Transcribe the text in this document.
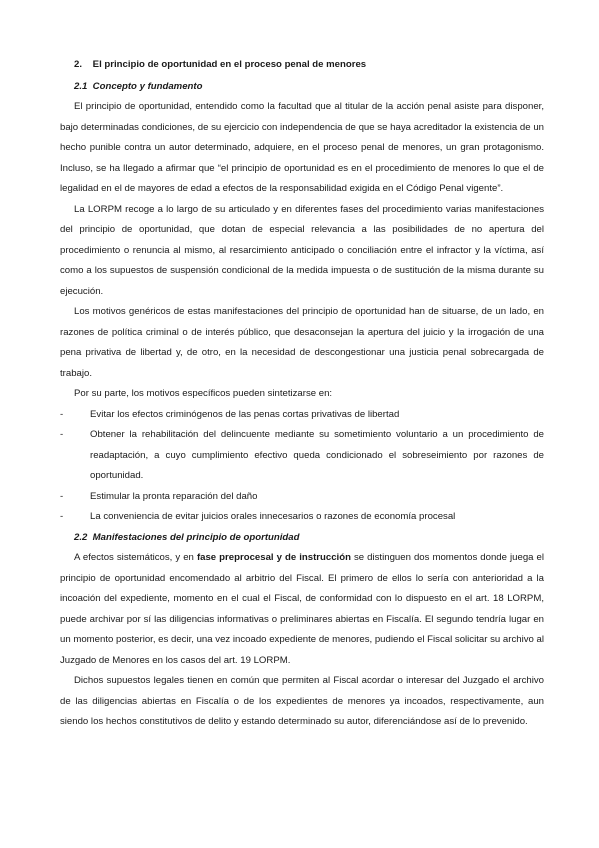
2. El principio de oportunidad en el proceso penal de menores
2.1 Concepto y fundamento

El principio de oportunidad, entendido como la facultad que al titular de la acción penal asiste para disponer, bajo determinadas condiciones, de su ejercicio con independencia de que se haya acreditador la existencia de un hecho punible contra un autor determinado, adquiere, en el proceso penal de menores, un gran protagonismo. Incluso, se ha llegado a afirmar que “el principio de oportunidad es en el procedimiento de menores lo que el de legalidad en el de mayores de edad a efectos de la responsabilidad exigida en el Código Penal vigente”.

La LORPM recoge a lo largo de su articulado y en diferentes fases del procedimiento varias manifestaciones del principio de oportunidad, que dotan de especial relevancia a las posibilidades de no apertura del procedimiento o renuncia al mismo, al resarcimiento anticipado o conciliación entre el infractor y la víctima, así como a los supuestos de suspensión condicional de la medida impuesta o de sustitución de la misma durante su ejecución.

Los motivos genéricos de estas manifestaciones del principio de oportunidad han de situarse, de un lado, en razones de política criminal o de interés público, que desaconsejan la apertura del juicio y la irrogación de una pena privativa de libertad y, de otro, en la necesidad de descongestionar una justicia penal sobrecargada de trabajo.

Por su parte, los motivos específicos pueden sintetizarse en:
-	Evitar los efectos criminógenos de las penas cortas privativas de libertad
-	Obtener la rehabilitación del delincuente mediante su sometimiento voluntario a un procedimiento de readaptación, a cuyo cumplimiento efectivo queda condicionado el sobreseimiento por razones de oportunidad.
-	Estimular la pronta reparación del daño
-	La conveniencia de evitar juicios orales innecesarios o razones de economía procesal
2.2 Manifestaciones del principio de oportunidad

A efectos sistemáticos, y en fase preprocesal y de instrucción se distinguen dos momentos donde juega el principio de oportunidad encomendado al arbitrio del Fiscal. El primero de ellos lo sería con anterioridad a la incoación del expediente, momento en el cual el Fiscal, de conformidad con lo dispuesto en el art. 18 LORPM, puede archivar por sí las diligencias informativas o preliminares abiertas en Fiscalía. El segundo tendría lugar en un momento posterior, es decir, una vez incoado expediente de menores, pudiendo el Fiscal solicitar su archivo al Juzgado de Menores en los casos del art. 19 LORPM.

Dichos supuestos legales tienen en común que permiten al Fiscal acordar o interesar del Juzgado el archivo de las diligencias abiertas en Fiscalía o de los expedientes de menores ya incoados, respectivamente, aun siendo los hechos constitutivos de delito y estando determinado su autor, diferenciándose así de lo prevenido.
